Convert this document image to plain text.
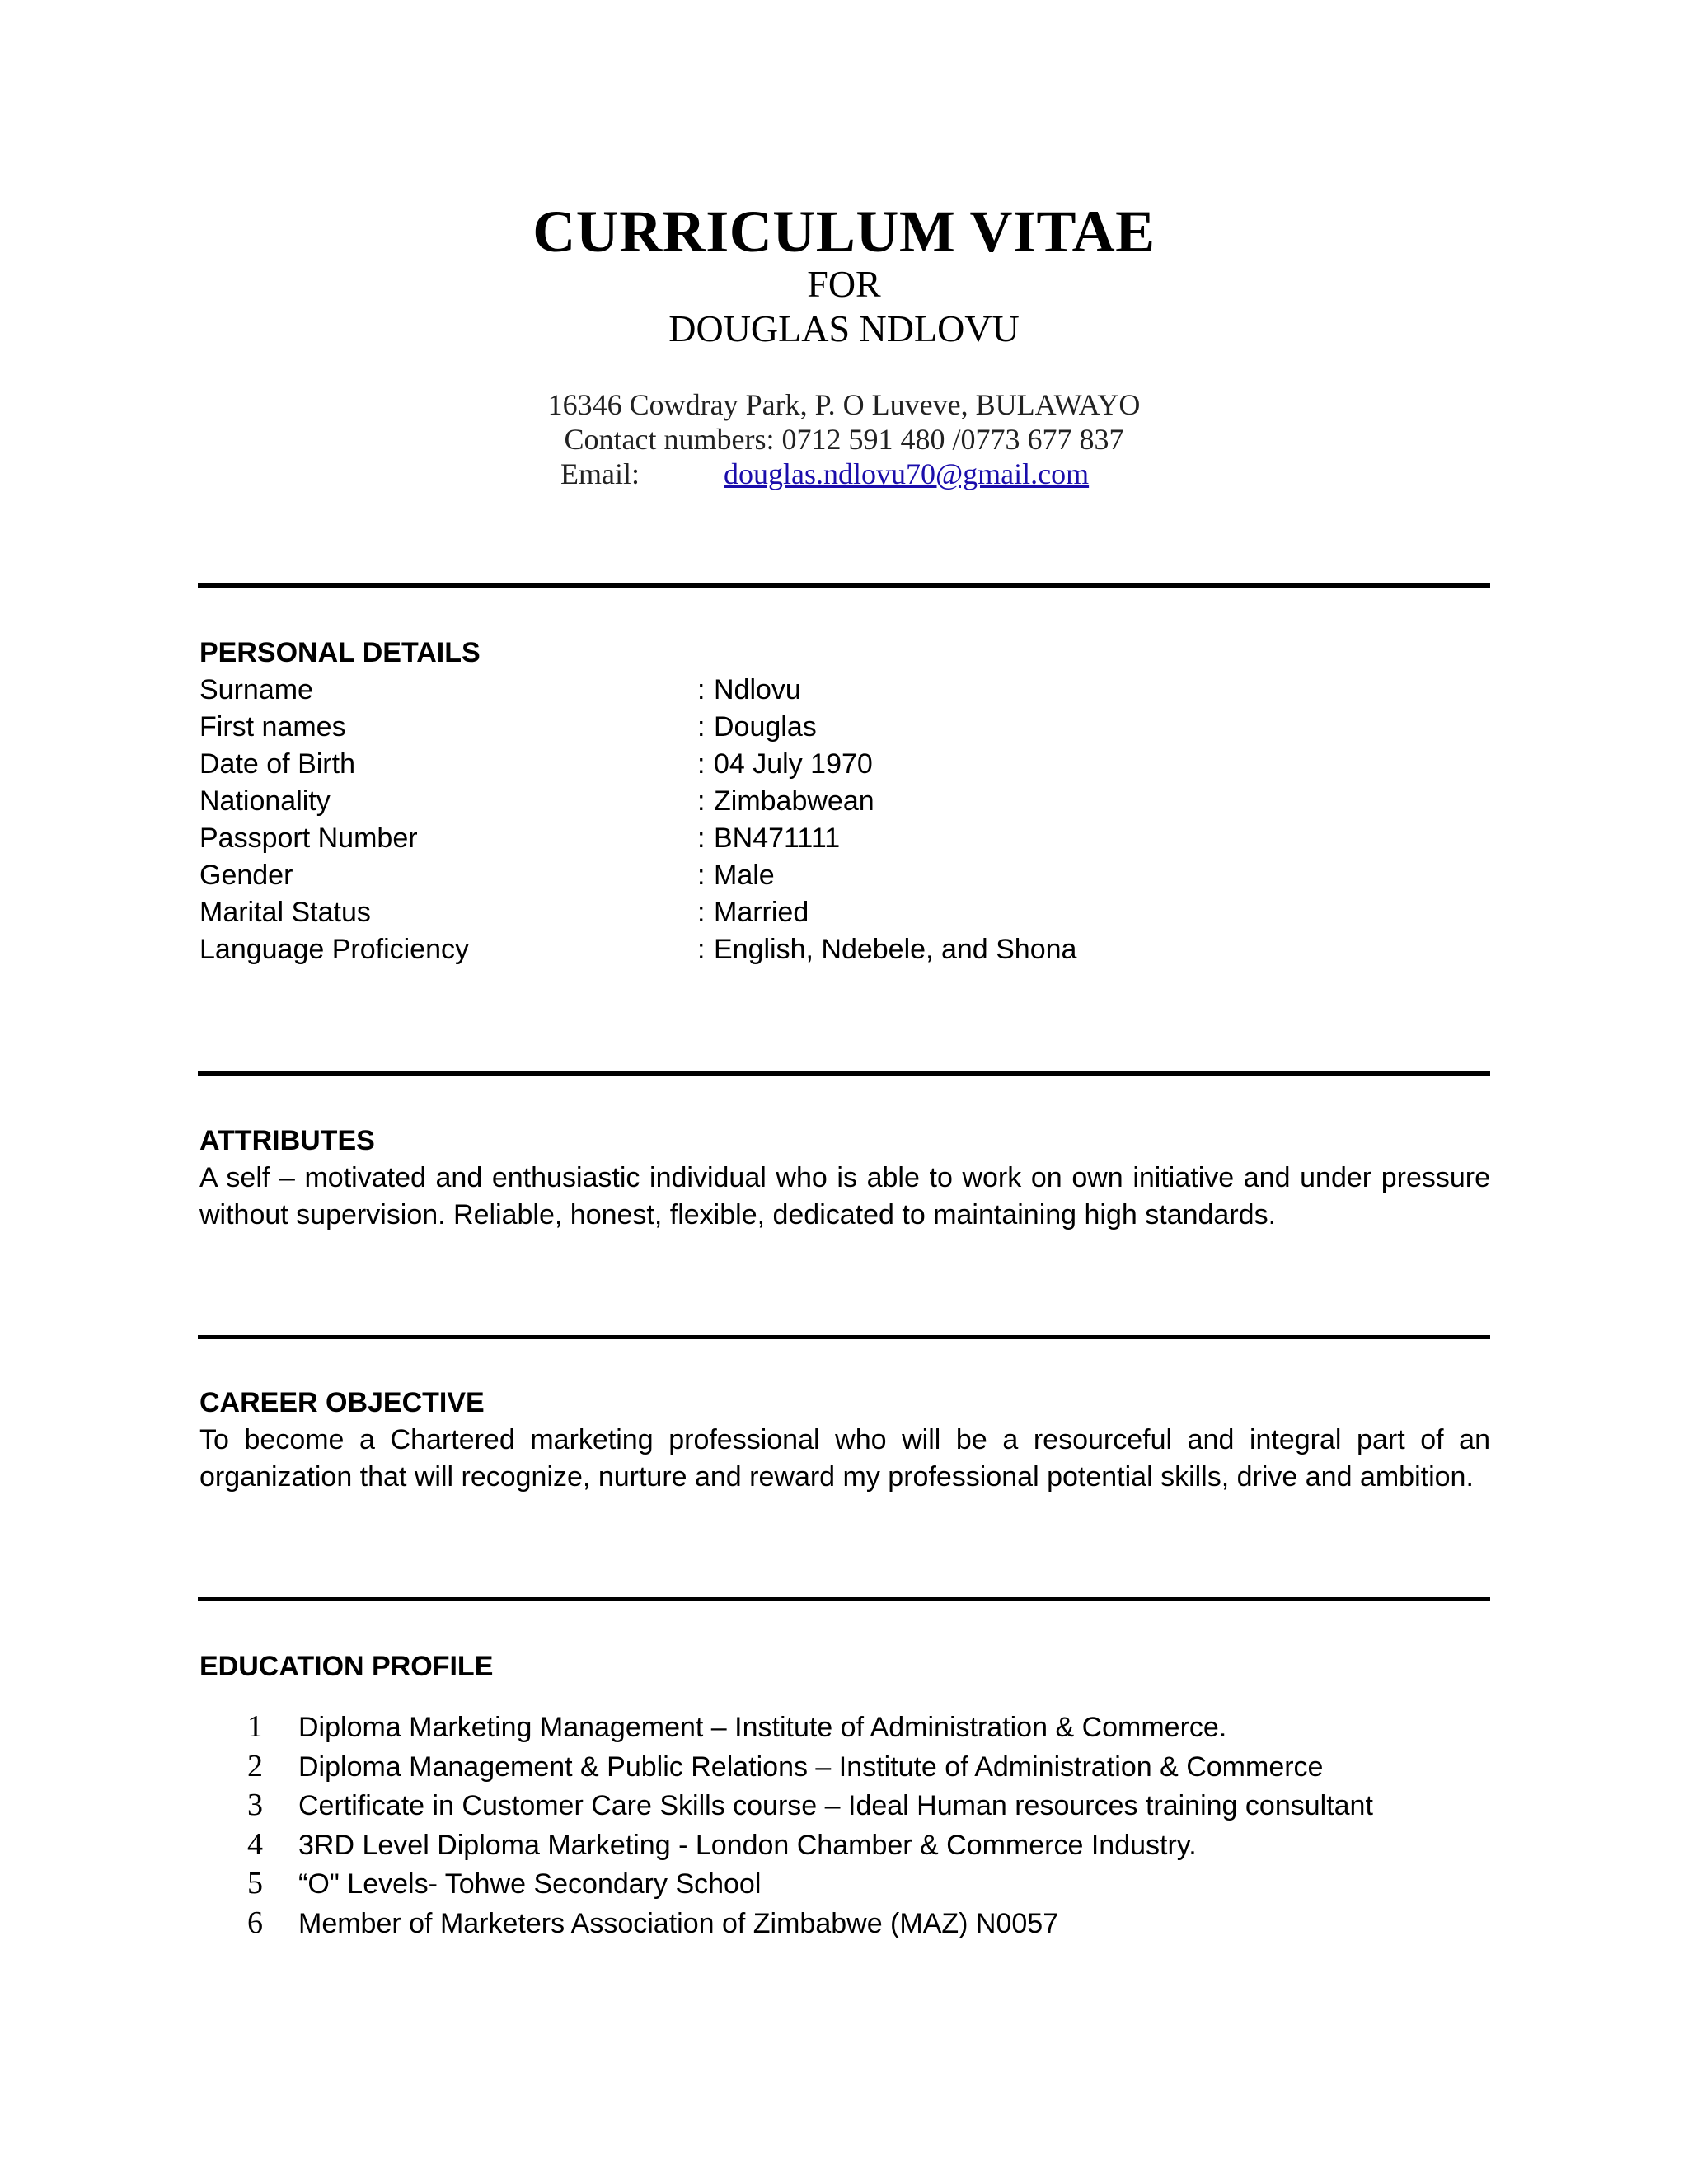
CURRICULUM VITAE
FOR
DOUGLAS NDLOVU
16346 Cowdray Park, P. O Luveve, BULAWAYO
Contact numbers: 0712 591 480 /0773 677 837
Email:	douglas.ndlovu70@gmail.com
PERSONAL DETAILS
Surname	: Ndlovu
First names	: Douglas
Date of Birth	: 04 July 1970
Nationality	: Zimbabwean
Passport Number	: BN471111
Gender	: Male
Marital Status	: Married
Language Proficiency	: English, Ndebele, and Shona
ATTRIBUTES

A self – motivated and enthusiastic individual who is able to work on own initiative and under pressure without supervision. Reliable, honest, flexible, dedicated to maintaining high standards.

CAREER OBJECTIVE

To become a Chartered marketing professional who will be a resourceful and integral part of an organization that will recognize, nurture and reward my professional potential skills, drive and ambition.

EDUCATION PROFILE
1	Diploma Marketing Management – Institute of Administration & Commerce.
2	Diploma Management & Public Relations – Institute of Administration & Commerce
3	Certificate in Customer Care Skills course – Ideal Human resources training consultant
4	3RD Level Diploma Marketing - London Chamber & Commerce Industry.
5	“O" Levels- Tohwe Secondary School
6	Member of Marketers Association of Zimbabwe (MAZ) N0057
